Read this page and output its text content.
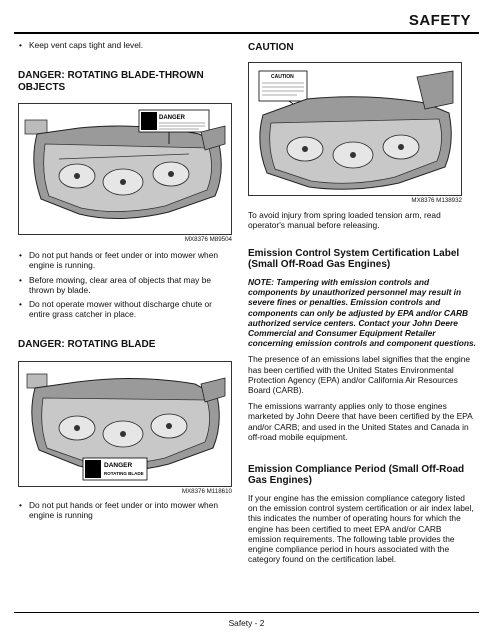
SAFETY
• Keep vent caps tight and level.
DANGER: ROTATING BLADE-THROWN OBJECTS
DANGER
MX8376 M89504
• Do not put hands or feet under or into mower when engine is running.
• Before mowing, clear area of objects that may be thrown by blade.
• Do not operate mower without discharge chute or entire grass catcher in place.
DANGER: ROTATING BLADE
DANGER
ROTATING BLADE
MX8376 M118610
• Do not put hands or feet under or into mower when engine is running
CAUTION
CAUTION
MX8376 M138932
To avoid injury from spring loaded tension arm, read operator's manual before releasing.
Emission Control System Certification Label (Small Off-Road Gas Engines)
NOTE: Tampering with emission controls and components by unauthorized personnel may result in severe fines or penalties. Emission controls and components can only be adjusted by EPA and/or CARB authorized service centers. Contact your John Deere Commercial and Consumer Equipment Retailer concerning emission controls and component questions.
The presence of an emissions label signifies that the engine has been certified with the United States Environmental Protection Agency (EPA) and/or California Air Resources Board (CARB).
The emissions warranty applies only to those engines marketed by John Deere that have been certified by the EPA and/or CARB; and used in the United States and Canada in off-road mobile equipment.
Emission Compliance Period (Small Off-Road Gas Engines)
If your engine has the emission compliance category listed on the emission control system certification or air index label, this indicates the number of operating hours for which the engine has been certified to meet EPA and/or CARB emission requirements. The following table provides the engine compliance period in hours associated with the category found on the certification label.
Safety - 2
